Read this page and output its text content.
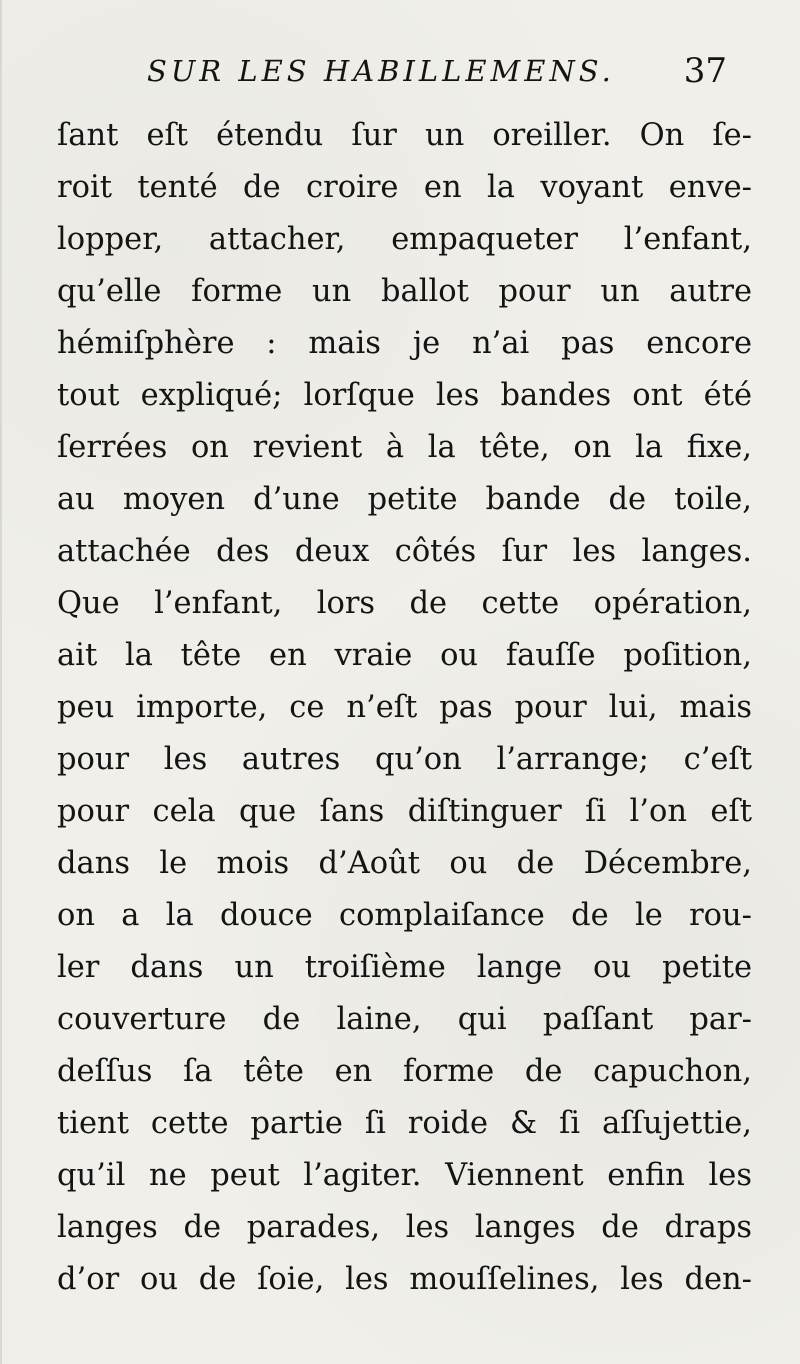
SUR LES HABILLEMENS. 37
ſant eſt étendu ſur un oreiller. On ſe-
roit tenté de croire en la voyant enve-
lopper, attacher, empaqueter l’enfant,
qu’elle forme un ballot pour un autre
hémiſphère : mais je n’ai pas encore
tout expliqué; lorſque les bandes ont été
ſerrées on revient à la tête, on la fixe,
au moyen d’une petite bande de toile,
attachée des deux côtés ſur les langes.
Que l’enfant, lors de cette opération,
ait la tête en vraie ou fauſſe poſition,
peu importe, ce n’eſt pas pour lui, mais
pour les autres qu’on l’arrange; c’eſt
pour cela que ſans diſtinguer ſi l’on eſt
dans le mois d’Août ou de Décembre,
on a la douce complaiſance de le rou-
ler dans un troiſième lange ou petite
couverture de laine, qui paſſant par-
deſſus ſa tête en forme de capuchon,
tient cette partie ſi roide & ſi aſſujettie,
qu’il ne peut l’agiter. Viennent enfin les
langes de parades, les langes de draps
d’or ou de ſoie, les mouſſelines, les den-
